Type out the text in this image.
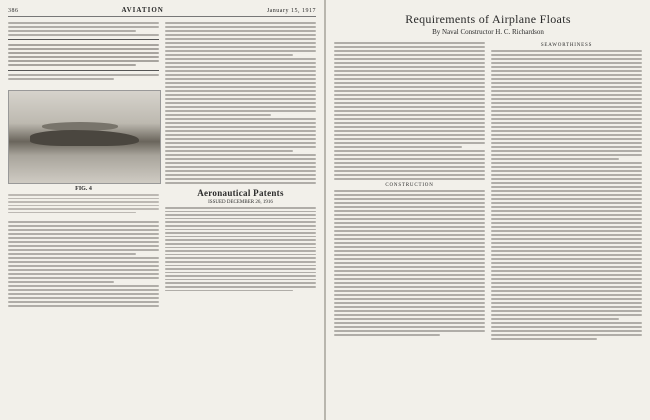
386	AVIATION	January 15, 1917
FIG. 4	Aeronautical Patents
ISSUED DECEMBER 26, 1916
Requirements of Airplane Floats
By Naval Constructor H. C. Richardson
CONSTRUCTION
SEAWORTHINESS
